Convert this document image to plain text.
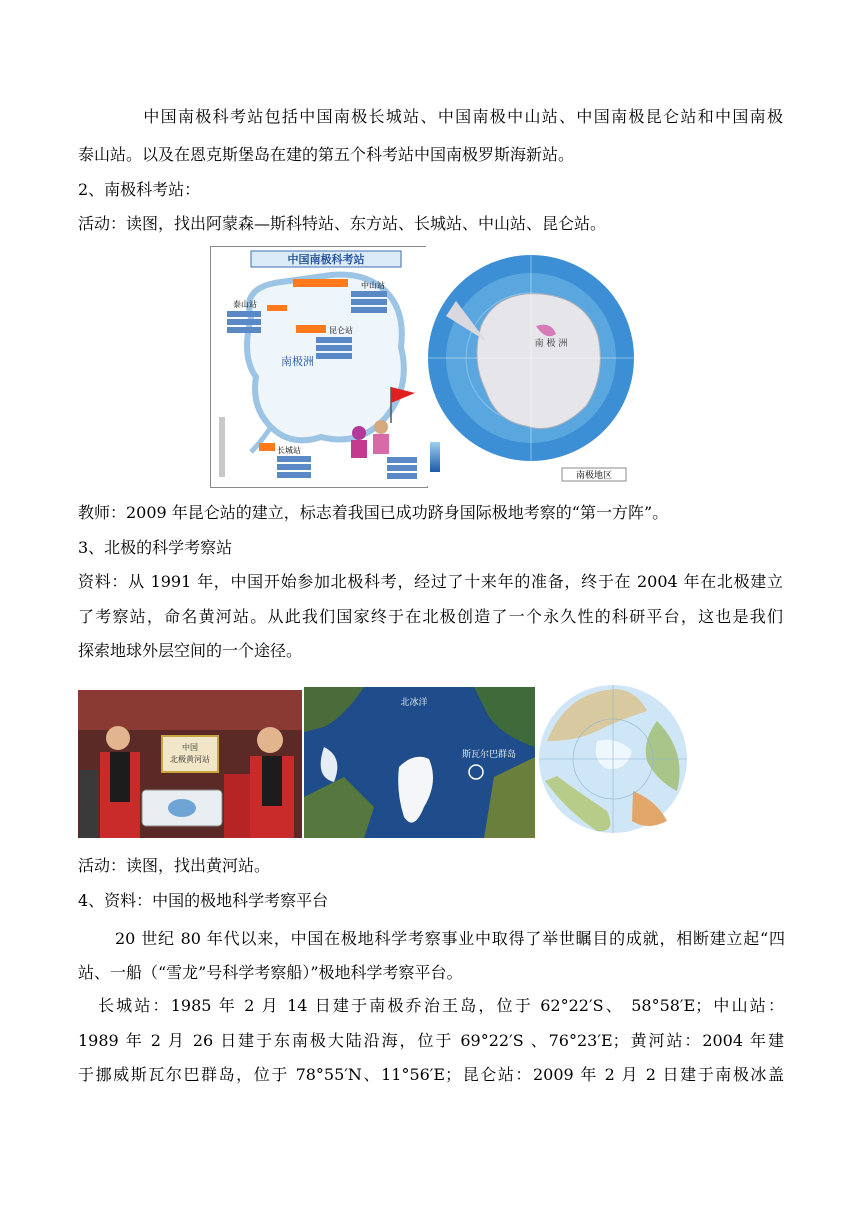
中国南极科考站包括中国南极长城站、中国南极中山站、中国南极昆仑站和中国南极
泰山站。以及在恩克斯堡岛在建的第五个科考站中国南极罗斯海新站。
2、南极科考站：
活动：读图，找出阿蒙森—斯科特站、东方站、长城站、中山站、昆仑站。
中国南极科考站
中山站
泰山站
昆仑站
南极洲
长城站
南 极 洲
南极地区
教师：2009 年昆仑站的建立，标志着我国已成功跻身国际极地考察的“第一方阵”。
3、北极的科学考察站
资料：从 1991 年，中国开始参加北极科考，经过了十来年的准备，终于在 2004 年在北极建立
了考察站，命名黄河站。从此我们国家终于在北极创造了一个永久性的科研平台，这也是我们
探索地球外层空间的一个途径。
中国
北极黄河站
北冰洋
斯瓦尔巴群岛
活动：读图，找出黄河站。
4、资料：中国的极地科学考察平台
20 世纪 80 年代以来，中国在极地科学考察事业中取得了举世瞩目的成就，相断建立起“四
站、一船（“雪龙”号科学考察船）”极地科学考察平台。
长城站：1985 年 2 月 14 日建于南极乔治王岛，位于 62°22′S、 58°58′E；中山站：
1989 年 2 月 26 日建于东南极大陆沿海，位于 69°22′S 、76°23′E；黄河站：2004 年建
于挪威斯瓦尔巴群岛，位于 78°55′N、11°56′E；昆仑站：2009 年 2 月 2 日建于南极冰盖
